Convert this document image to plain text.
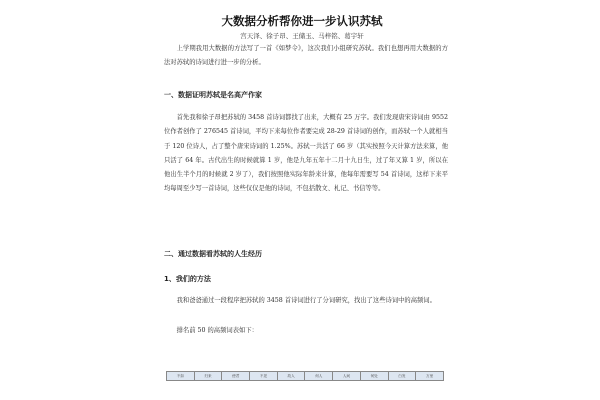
大数据分析帮你进一步认识苏轼
宫天泽、徐子昂、王储玉、马梓铭、葛宇轩

上学期我用大数据的方法写了一首《如梦令》，这次我们小组研究苏轼。我们也想再用大数据的方法对苏轼的诗词进行进一步的分析。

一、数据证明苏轼是名高产作家

首先我和徐子昂把苏轼的 3458 首诗词都找了出来，大概有 25 万字。我们发现唐宋诗词由 9552 位作者创作了 276545 首诗词，平均下来每位作者要完成 28-29 首诗词的创作，而苏轼一个人就相当于 120 位诗人，占了整个唐宋诗词的 1.25%。苏轼一共活了 66 岁（其实按照今天计算方法来算，他只活了 64 年。古代出生的时候就算 1 岁，他是九年五年十二月十九日生，过了年又算 1 岁，所以在他出生半个月的时候就 2 岁了），我们按照他实际年龄来计算，他每年需要写 54 首诗词，这样下来平均每周至少写一首诗词，这些仅仅是他的诗词，不包括散文、札记、书信等等。

二、通过数据看苏轼的人生经历
1、我们的方法

我和爸爸通过一段程序把苏轼的 3458 首诗词进行了分词研究，找出了这些诗词中的高频词。

排名前 50 的高频词表如下：

不如	归来	使君	不见	故人	何人	人间	何处	白发	万里
